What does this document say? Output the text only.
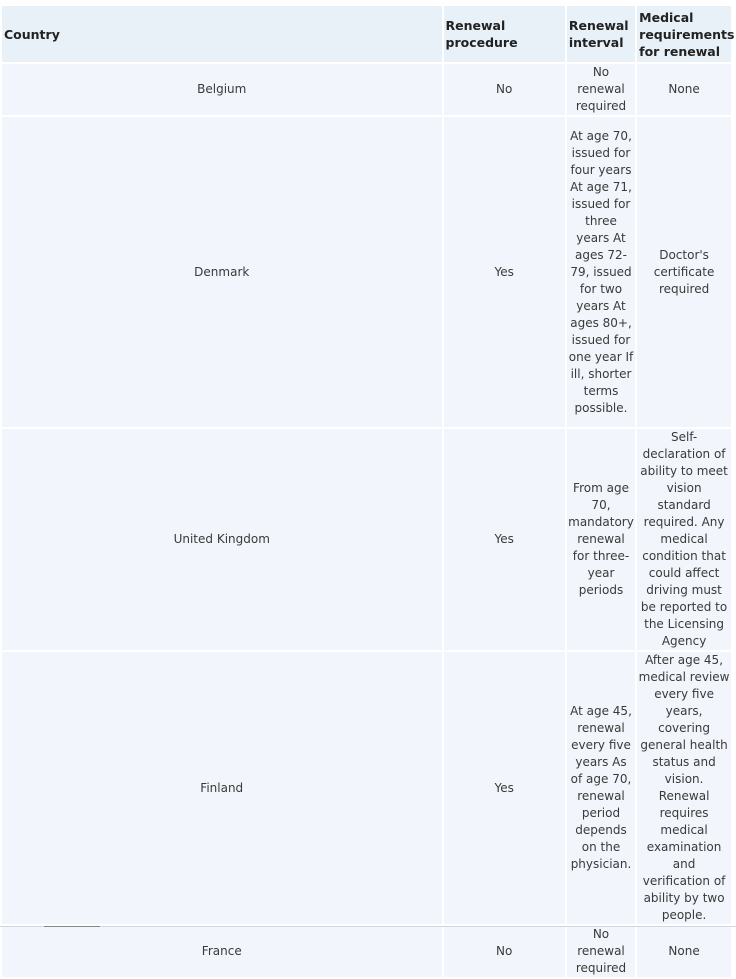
Country	Renewal procedure	Renewal interval	Medical requirements for renewal
Belgium	No	No renewal required	None
Denmark	Yes	At age 70, issued for four years At age 71, issued for three years At ages 72-79, issued for two years At ages 80+, issued for one year If ill, shorter terms possible.	Doctor's certificate required
United Kingdom	Yes	From age 70, mandatory renewal for three-year periods	Self-declaration of ability to meet vision standard required. Any medical condition that could affect driving must be reported to the Licensing Agency
Finland	Yes	At age 45, renewal every five years As of age 70, renewal period depends on the physician.	After age 45, medical review every five years, covering general health status and vision. Renewal requires medical examination and verification of ability by two people.
France	No	No renewal required	None
